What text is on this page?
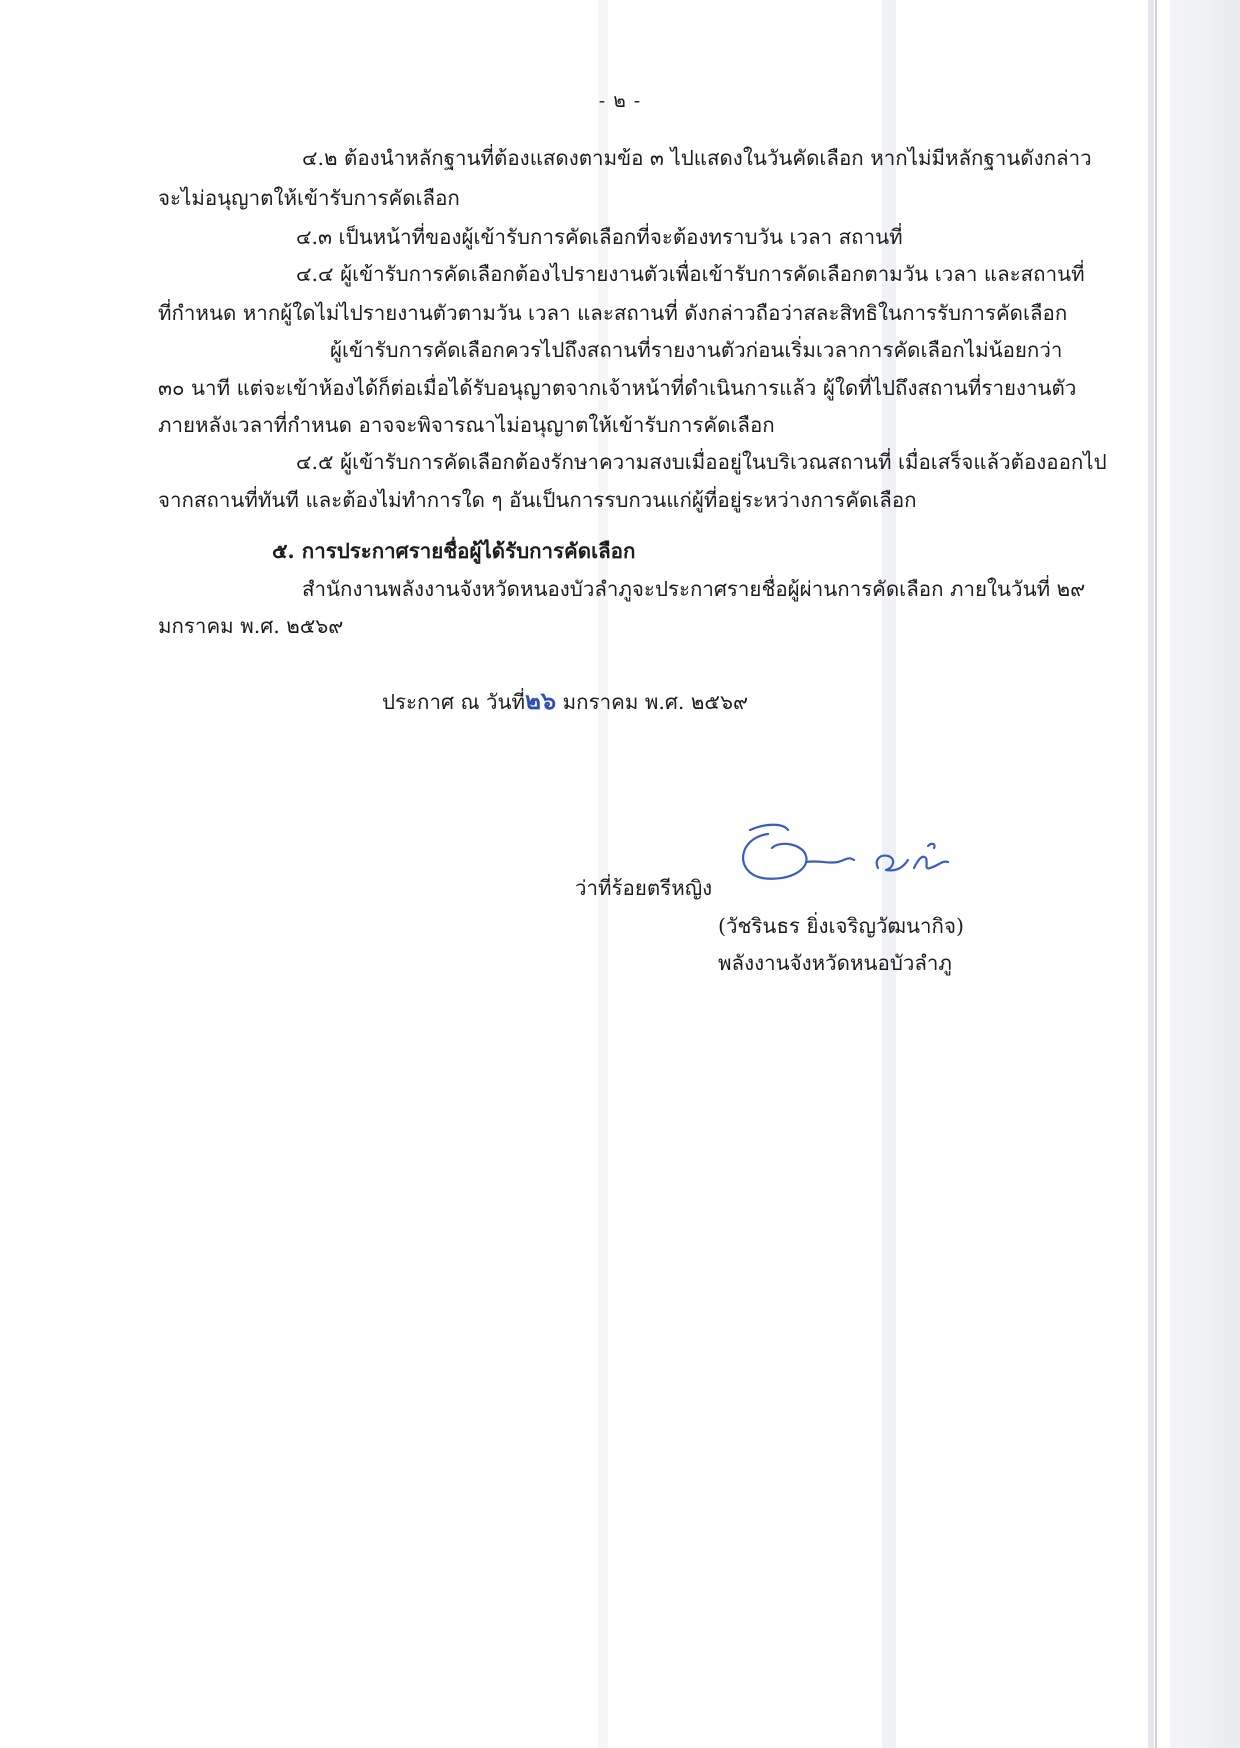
- ๒ -
๔.๒ ต้องนำหลักฐานที่ต้องแสดงตามข้อ ๓ ไปแสดงในวันคัดเลือก หากไม่มีหลักฐานดังกล่าว
จะไม่อนุญาตให้เข้ารับการคัดเลือก
๔.๓ เป็นหน้าที่ของผู้เข้ารับการคัดเลือกที่จะต้องทราบวัน เวลา สถานที่
๔.๔ ผู้เข้ารับการคัดเลือกต้องไปรายงานตัวเพื่อเข้ารับการคัดเลือกตามวัน เวลา และสถานที่
ที่กำหนด หากผู้ใดไม่ไปรายงานตัวตามวัน เวลา และสถานที่ ดังกล่าวถือว่าสละสิทธิในการรับการคัดเลือก
ผู้เข้ารับการคัดเลือกควรไปถึงสถานที่รายงานตัวก่อนเริ่มเวลาการคัดเลือกไม่น้อยกว่า
๓๐ นาที แต่จะเข้าห้องได้ก็ต่อเมื่อได้รับอนุญาตจากเจ้าหน้าที่ดำเนินการแล้ว ผู้ใดที่ไปถึงสถานที่รายงานตัว
ภายหลังเวลาที่กำหนด อาจจะพิจารณาไม่อนุญาตให้เข้ารับการคัดเลือก
๔.๕ ผู้เข้ารับการคัดเลือกต้องรักษาความสงบเมื่ออยู่ในบริเวณสถานที่ เมื่อเสร็จแล้วต้องออกไป
จากสถานที่ทันที และต้องไม่ทำการใด ๆ อันเป็นการรบกวนแก่ผู้ที่อยู่ระหว่างการคัดเลือก
๕. การประกาศรายชื่อผู้ได้รับการคัดเลือก
สำนักงานพลังงานจังหวัดหนองบัวลำภูจะประกาศรายชื่อผู้ผ่านการคัดเลือก ภายในวันที่ ๒๙
มกราคม พ.ศ. ๒๕๖๙
ประกาศ ณ วันที่๒๖ มกราคม พ.ศ. ๒๕๖๙
ว่าที่ร้อยตรีหญิง
(วัชรินธร ยิ่งเจริญวัฒนากิจ)
พลังงานจังหวัดหนอบัวลำภู
